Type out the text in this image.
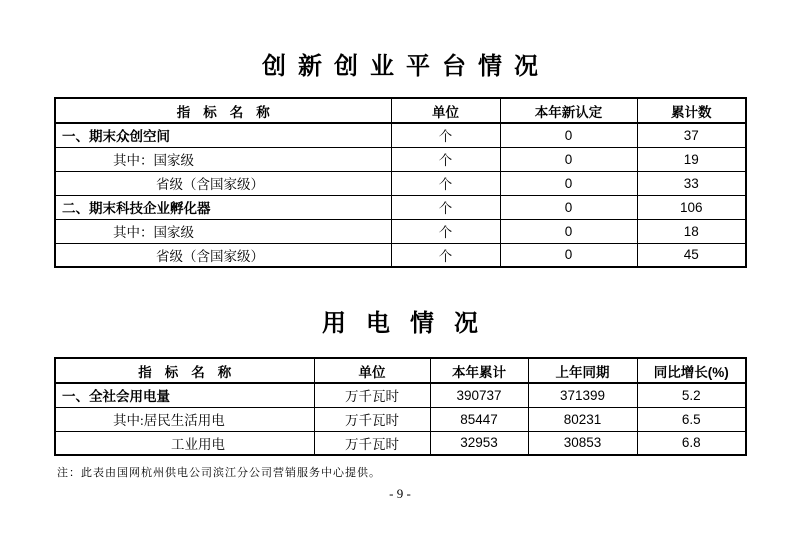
创新创业平台情况
指标名称	单位	本年新认定	累计数
一、期末众创空间	个	0	37
其中：国家级	个	0	19
省级（含国家级）	个	0	33
二、期末科技企业孵化器	个	0	106
其中：国家级	个	0	18
省级（含国家级）	个	0	45
用电情况
指标名称	单位	本年累计	上年同期	同比增长(%)
一、全社会用电量	万千瓦时	390737	371399	5.2
其中:居民生活用电	万千瓦时	85447	80231	6.5
工业用电	万千瓦时	32953	30853	6.8
注：此表由国网杭州供电公司滨江分公司营销服务中心提供。
- 9 -
